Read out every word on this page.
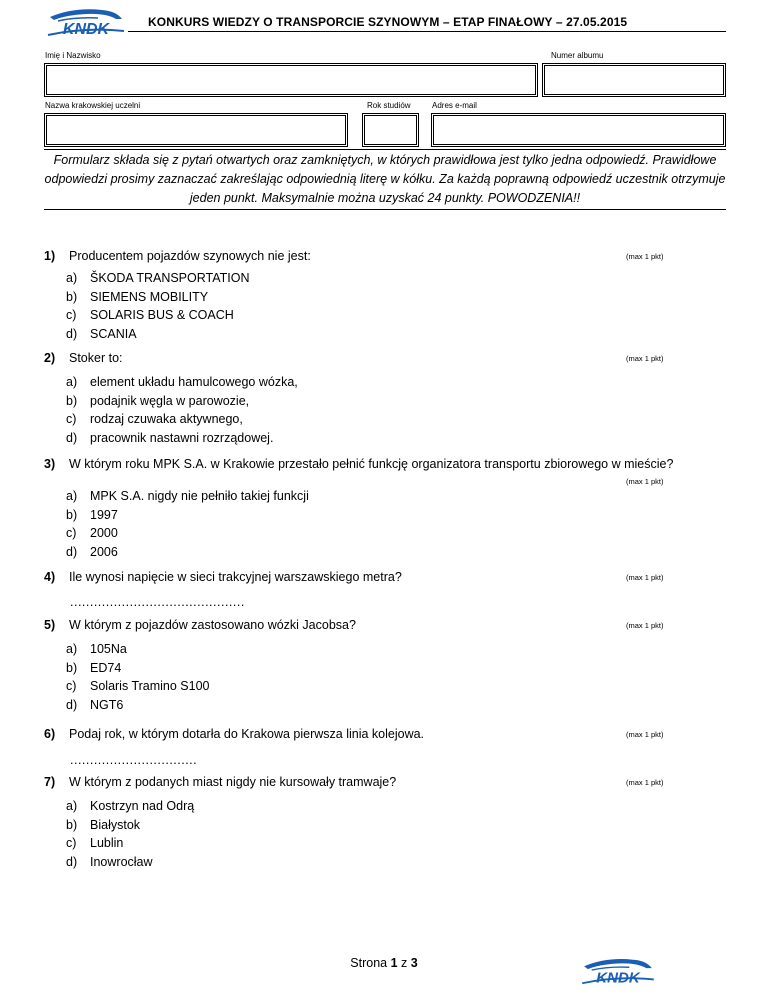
KNDK	KONKURS WIEDZY O TRANSPORCIE SZYNOWYM – ETAP FINAŁOWY – 27.05.2015
Imię i Nazwisko	Numer albumu
Nazwa krakowskiej uczelni	Rok studiów	Adres e-mail
Formularz składa się z pytań otwartych oraz zamkniętych, w których prawidłowa jest tylko jedna odpowiedź. Prawidłowe odpowiedzi prosimy zaznaczać zakreślając odpowiednią literę w kółku. Za każdą poprawną odpowiedź uczestnik otrzymuje jeden punkt. Maksymalnie można uzyskać 24 punkty. POWODZENIA!!
1) Producentem pojazdów szynowych nie jest:	(max 1 pkt)
a) ŠKODA TRANSPORTATION
b) SIEMENS MOBILITY
c) SOLARIS BUS & COACH
d) SCANIA
2) Stoker to:	(max 1 pkt)
a) element układu hamulcowego wózka,
b) podajnik węgla w parowozie,
c) rodzaj czuwaka aktywnego,
d) pracownik nastawni rozrządowej.
3) W którym roku MPK S.A. w Krakowie przestało pełnić funkcję organizatora transportu zbiorowego w mieście?
(max 1 pkt)
a) MPK S.A. nigdy nie pełniło takiej funkcji
b) 1997
c) 2000
d) 2006
4) Ile wynosi napięcie w sieci trakcyjnej warszawskiego metra?	(max 1 pkt)
............................................
5) W którym z pojazdów zastosowano wózki Jacobsa?	(max 1 pkt)
a) 105Na
b) ED74
c) Solaris Tramino S100
d) NGT6
6) Podaj rok, w którym dotarła do Krakowa pierwsza linia kolejowa.	(max 1 pkt)
................................
7) W którym z podanych miast nigdy nie kursowały tramwaje?	(max 1 pkt)
a) Kostrzyn nad Odrą
b) Białystok
c) Lublin
d) Inowrocław
Strona 1 z 3
KNDK
